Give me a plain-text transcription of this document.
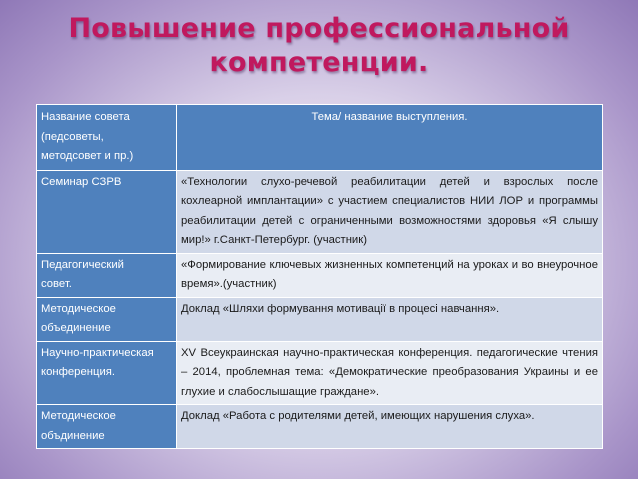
Повышение профессиональной
компетенции.
Название совета
(педсоветы,
методсовет и пр.)	Тема/ название выступления.

Семинар СЗРВ	«Технологии слухо-речевой реабилитации детей и взрослых после кохлеарной имплантации» с участием специалистов НИИ ЛОР и программы реабилитации детей с ограниченными возможностями здоровья «Я слышу мир!» г.Санкт-Петербург. (участник)

Педагогический
совет.	«Формирование ключевых жизненных компетенций на уроках и во внеурочное время».(участник)

Методическое
объединение	Доклад «Шляхи формування мотивації в процесі навчання».

Научно-практическая
конференция.	XV Всеукраинская научно-практическая конференция. педагогические чтения – 2014, проблемная тема: «Демократические преобразования Украины и ее глухие и слабослышащие граждане».

Методическое
объдинение	Доклад «Работа с родителями детей, имеющих нарушения слуха».
